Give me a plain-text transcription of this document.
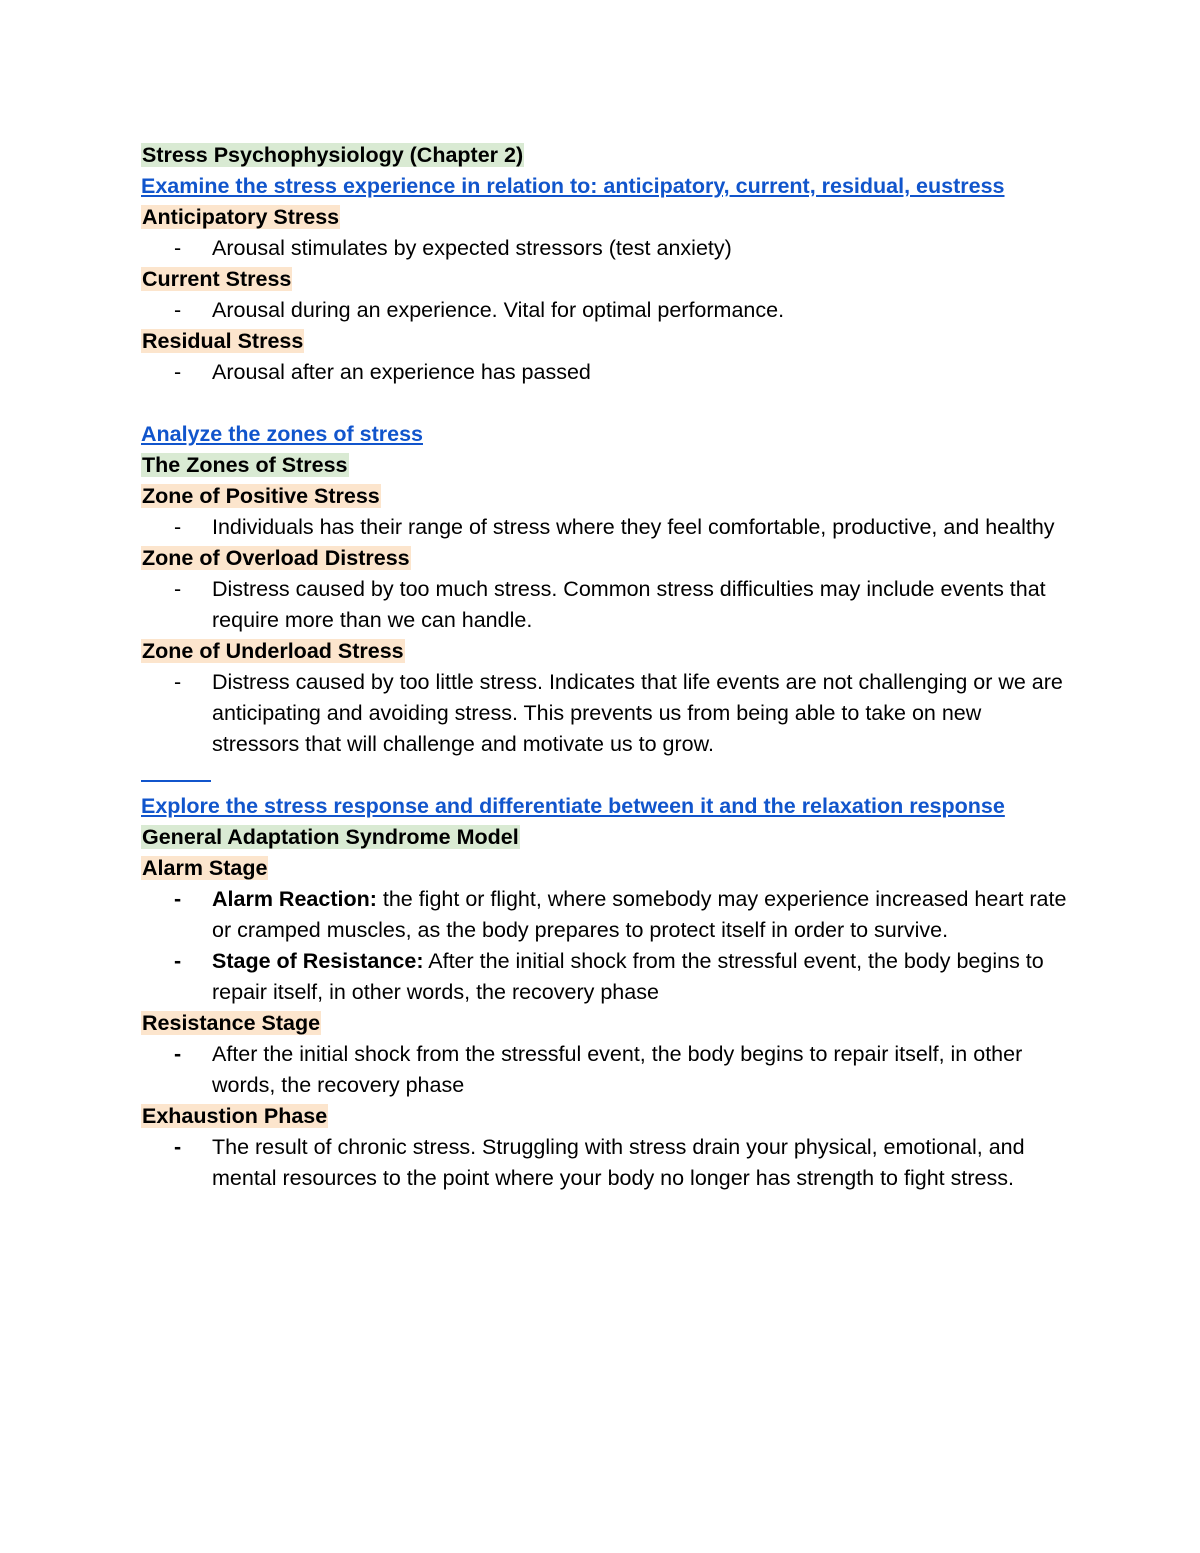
Stress Psychophysiology (Chapter 2)
Examine the stress experience in relation to: anticipatory, current, residual, eustress
Anticipatory Stress
- Arousal stimulates by expected stressors (test anxiety)
Current Stress
- Arousal during an experience. Vital for optimal performance.
Residual Stress
- Arousal after an experience has passed
Analyze the zones of stress
The Zones of Stress
Zone of Positive Stress
- Individuals has their range of stress where they feel comfortable, productive, and healthy
Zone of Overload Distress
- Distress caused by too much stress. Common stress difficulties may include events that require more than we can handle.
Zone of Underload Stress
- Distress caused by too little stress. Indicates that life events are not challenging or we are anticipating and avoiding stress. This prevents us from being able to take on new stressors that will challenge and motivate us to grow.
Explore the stress response and differentiate between it and the relaxation response
General Adaptation Syndrome Model
Alarm Stage
- Alarm Reaction: the fight or flight, where somebody may experience increased heart rate or cramped muscles, as the body prepares to protect itself in order to survive.
- Stage of Resistance: After the initial shock from the stressful event, the body begins to repair itself, in other words, the recovery phase
Resistance Stage
- After the initial shock from the stressful event, the body begins to repair itself, in other words, the recovery phase
Exhaustion Phase
- The result of chronic stress. Struggling with stress drain your physical, emotional, and mental resources to the point where your body no longer has strength to fight stress.
